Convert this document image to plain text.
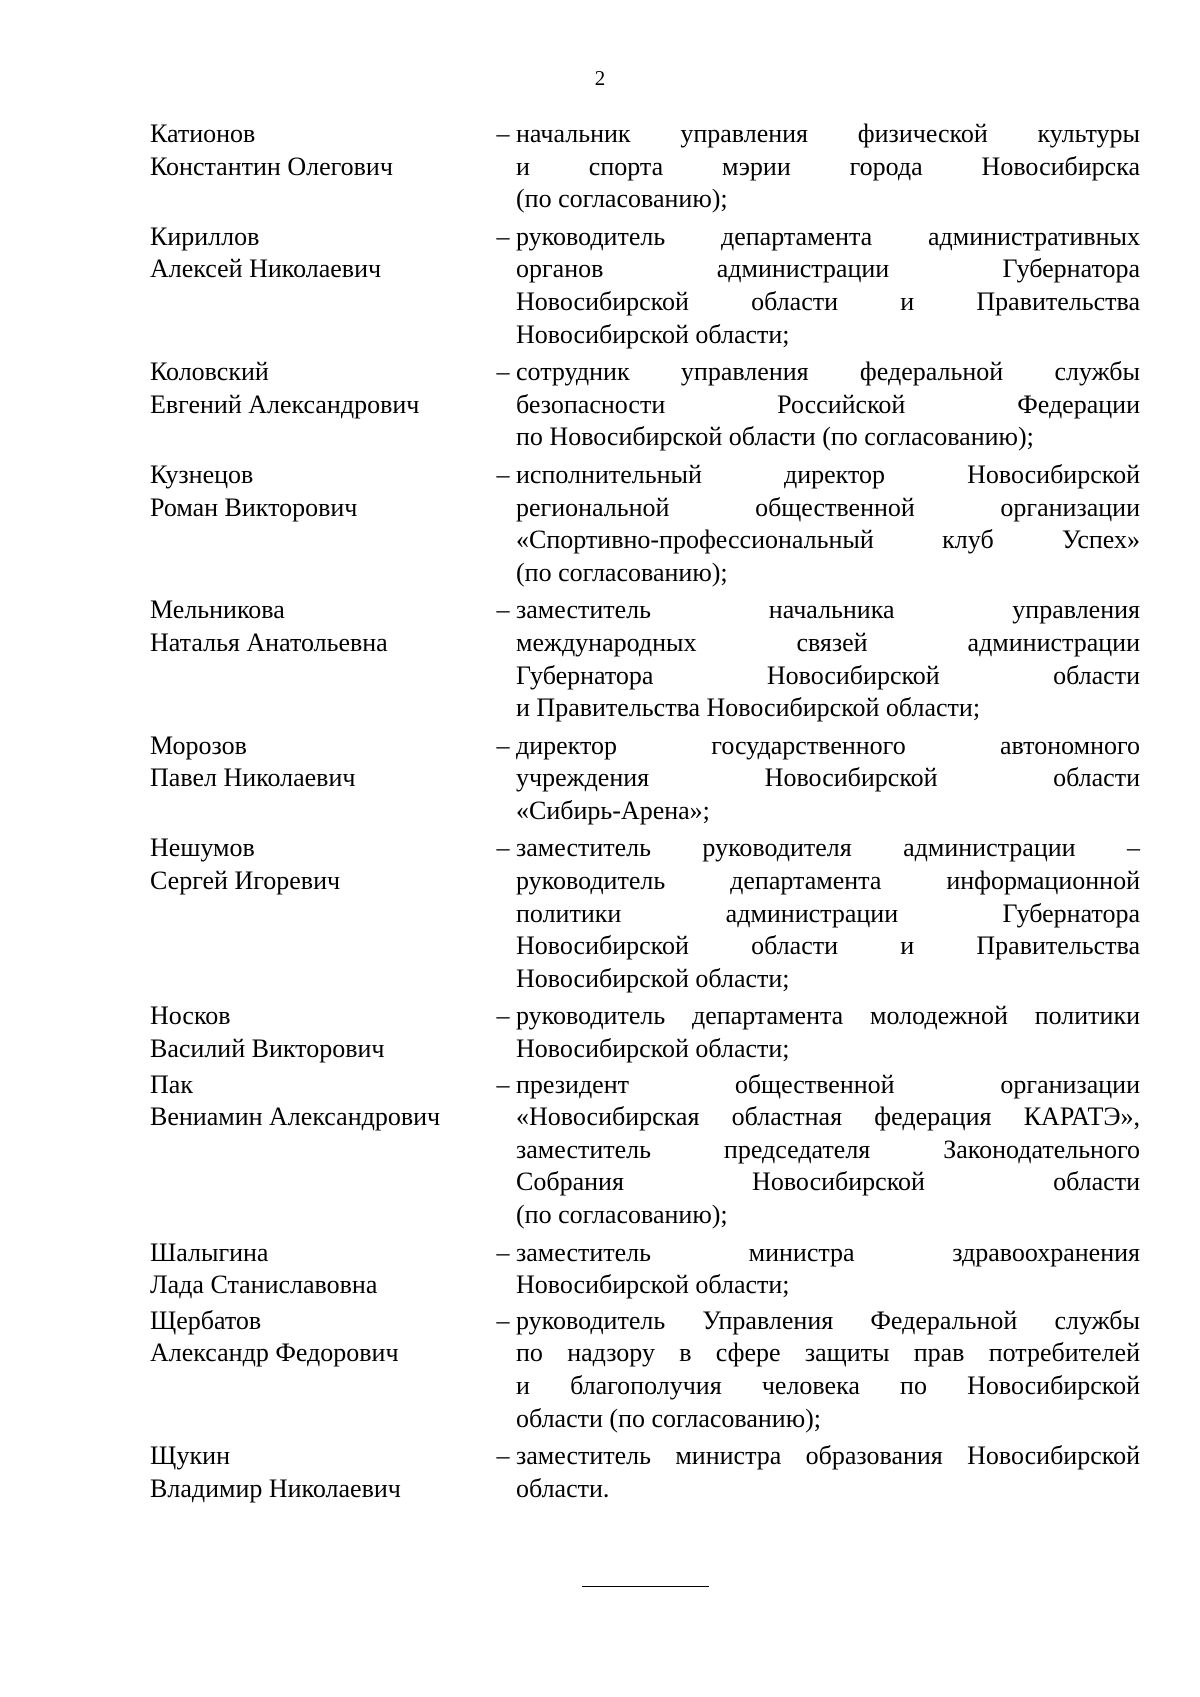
2
Катионов
Константин Олегович
– начальник управления физической культуры
и спорта мэрии города Новосибирска
(по согласованию);
Кириллов
Алексей Николаевич
– руководитель департамента административных
органов администрации Губернатора
Новосибирской области и Правительства
Новосибирской области;
Коловский
Евгений Александрович
– сотрудник управления федеральной службы
безопасности Российской Федерации
по Новосибирской области (по согласованию);
Кузнецов
Роман Викторович
– исполнительный директор Новосибирской
региональной общественной организации
«Спортивно-профессиональный клуб Успех»
(по согласованию);
Мельникова
Наталья Анатольевна
– заместитель начальника управления
международных связей администрации
Губернатора Новосибирской области
и Правительства Новосибирской области;
Морозов
Павел Николаевич
– директор государственного автономного
учреждения Новосибирской области
«Сибирь-Арена»;
Нешумов
Сергей Игоревич
– заместитель руководителя администрации –
руководитель департамента информационной
политики администрации Губернатора
Новосибирской области и Правительства
Новосибирской области;
Носков
Василий Викторович
– руководитель департамента молодежной политики
Новосибирской области;
Пак
Вениамин Александрович
– президент общественной организации
«Новосибирская областная федерация КАРАТЭ»,
заместитель председателя Законодательного
Собрания Новосибирской области
(по согласованию);
Шалыгина
Лада Станиславовна
– заместитель министра здравоохранения
Новосибирской области;
Щербатов
Александр Федорович
– руководитель Управления Федеральной службы
по надзору в сфере защиты прав потребителей
и благополучия человека по Новосибирской
области (по согласованию);
Щукин
Владимир Николаевич
– заместитель министра образования Новосибирской
области.
